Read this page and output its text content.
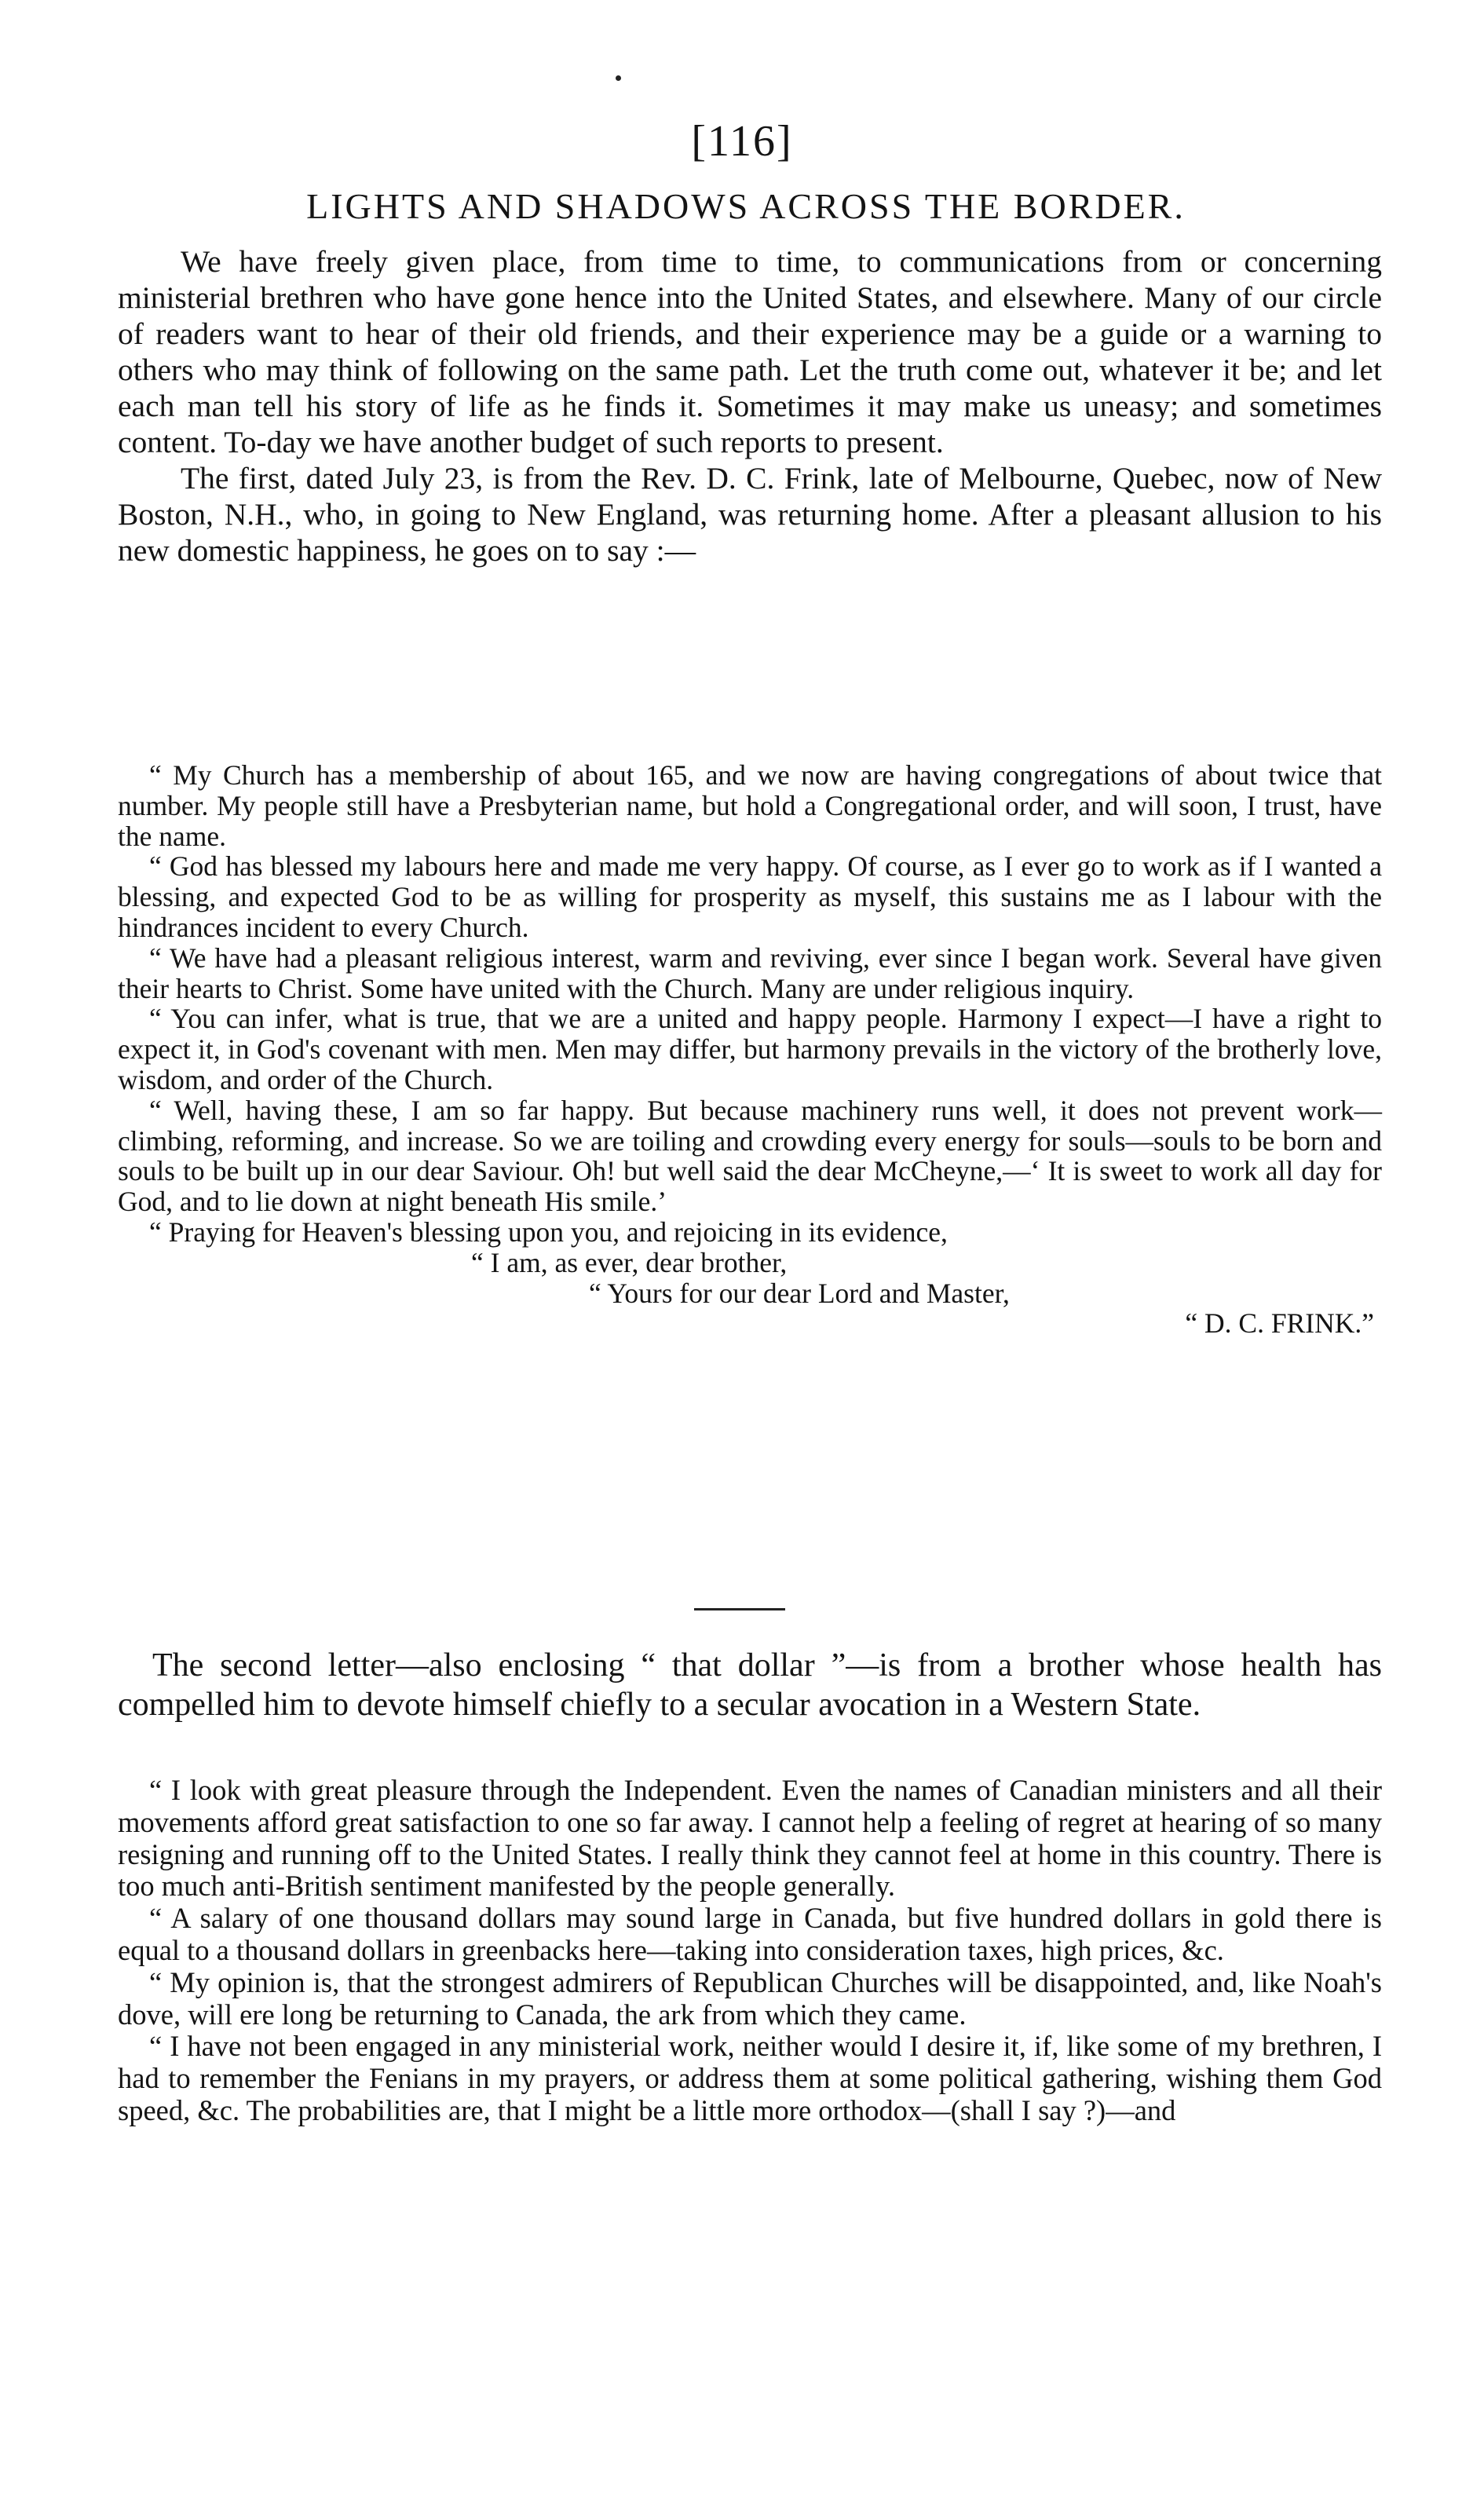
[116]
LIGHTS AND SHADOWS ACROSS THE BORDER.

We have freely given place, from time to time, to communications from or concerning ministerial brethren who have gone hence into the United States, and elsewhere. Many of our circle of readers want to hear of their old friends, and their experience may be a guide or a warning to others who may think of following on the same path. Let the truth come out, whatever it be; and let each man tell his story of life as he finds it. Sometimes it may make us uneasy; and sometimes content. To-day we have another budget of such reports to present.

The first, dated July 23, is from the Rev. D. C. Frink, late of Melbourne, Quebec, now of New Boston, N.H., who, in going to New England, was returning home. After a pleasant allusion to his new domestic happiness, he goes on to say :—

“ My Church has a membership of about 165, and we now are having congregations of about twice that number. My people still have a Presbyterian name, but hold a Congregational order, and will soon, I trust, have the name.

“ God has blessed my labours here and made me very happy. Of course, as I ever go to work as if I wanted a blessing, and expected God to be as willing for prosperity as myself, this sustains me as I labour with the hindrances incident to every Church.

“ We have had a pleasant religious interest, warm and reviving, ever since I began work. Several have given their hearts to Christ. Some have united with the Church. Many are under religious inquiry.

“ You can infer, what is true, that we are a united and happy people. Harmony I expect—I have a right to expect it, in God's covenant with men. Men may differ, but harmony prevails in the victory of the brotherly love, wisdom, and order of the Church.

“ Well, having these, I am so far happy. But because machinery runs well, it does not prevent work—climbing, reforming, and increase. So we are toiling and crowding every energy for souls—souls to be born and souls to be built up in our dear Saviour. Oh! but well said the dear McCheyne,—‘ It is sweet to work all day for God, and to lie down at night beneath His smile.’

“ Praying for Heaven's blessing upon you, and rejoicing in its evidence,

“ I am, as ever, dear brother,
“ Yours for our dear Lord and Master,
“ D. C. FRINK.”

The second letter—also enclosing “ that dollar ”—is from a brother whose health has compelled him to devote himself chiefly to a secular avocation in a Western State.

“ I look with great pleasure through the Independent. Even the names of Canadian ministers and all their movements afford great satisfaction to one so far away. I cannot help a feeling of regret at hearing of so many resigning and running off to the United States. I really think they cannot feel at home in this country. There is too much anti-British sentiment manifested by the people generally.

“ A salary of one thousand dollars may sound large in Canada, but five hundred dollars in gold there is equal to a thousand dollars in greenbacks here—taking into consideration taxes, high prices, &c.

“ My opinion is, that the strongest admirers of Republican Churches will be disappointed, and, like Noah's dove, will ere long be returning to Canada, the ark from which they came.

“ I have not been engaged in any ministerial work, neither would I desire it, if, like some of my brethren, I had to remember the Fenians in my prayers, or address them at some political gathering, wishing them God speed, &c. The probabilities are, that I might be a little more orthodox—(shall I say ?)—and
